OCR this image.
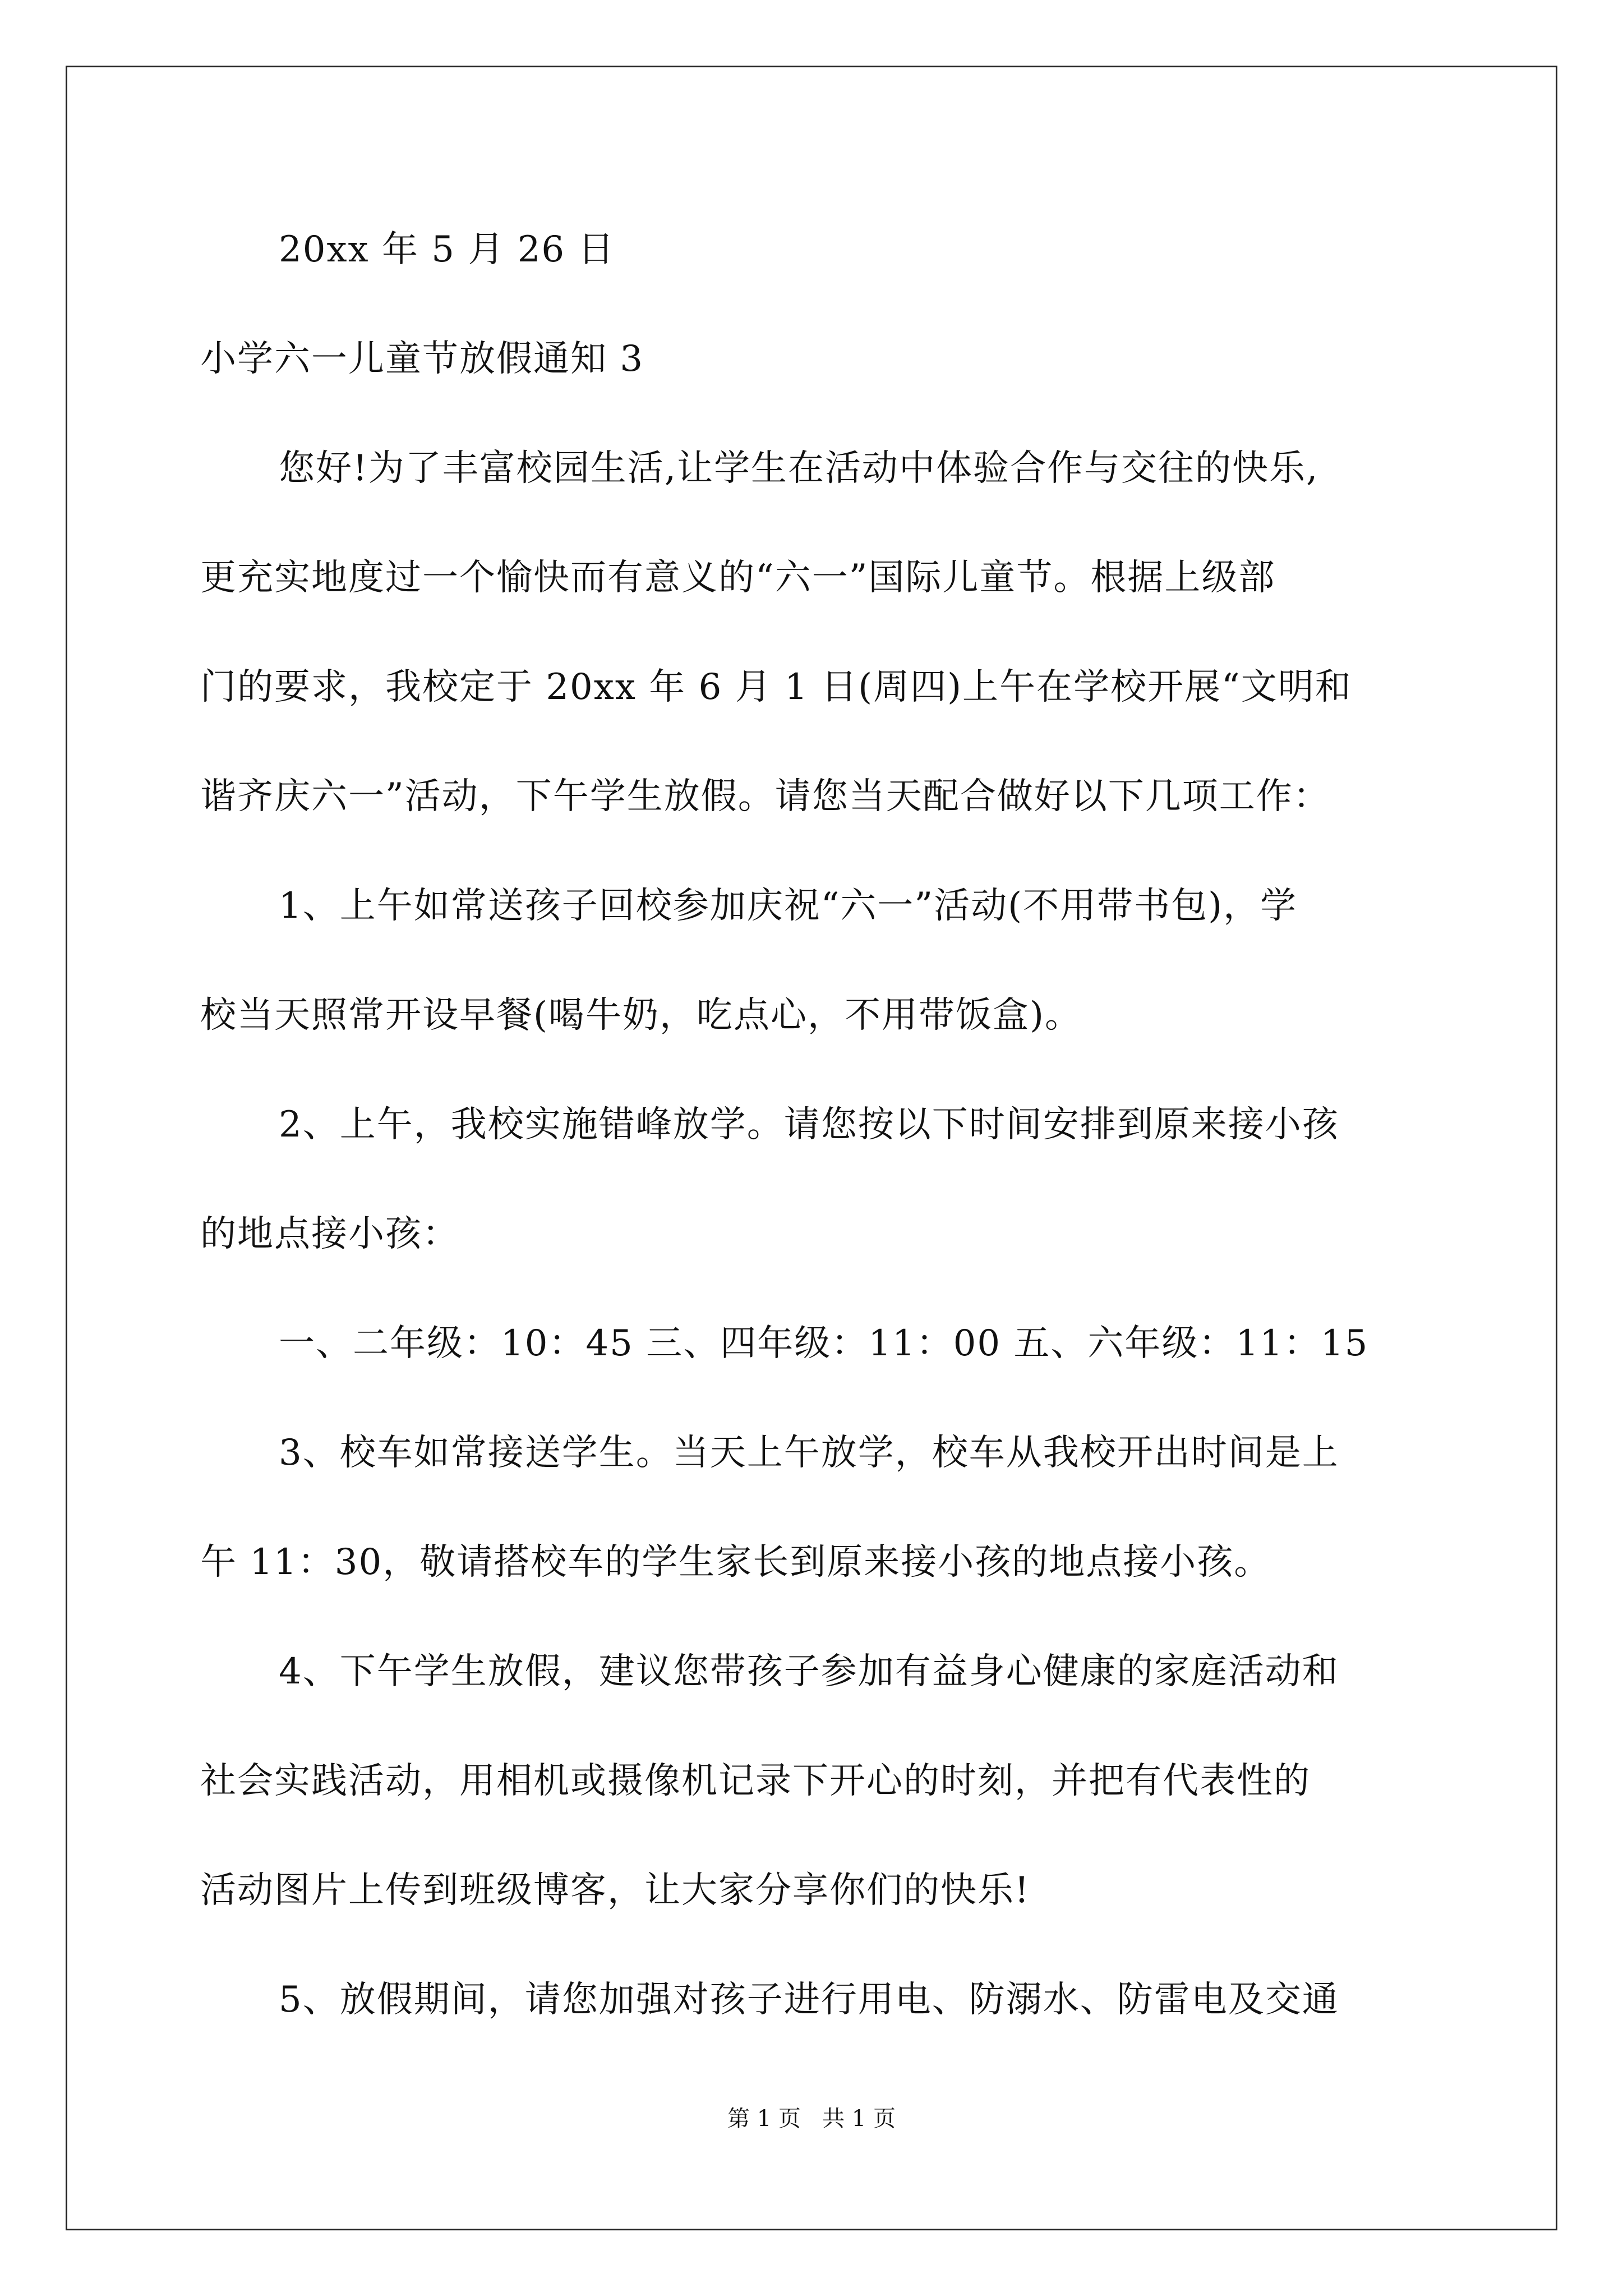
20xx 年 5 月 26 日
小学六一儿童节放假通知 3
您好!为了丰富校园生活,让学生在活动中体验合作与交往的快乐,
更充实地度过一个愉快而有意义的“六一”国际儿童节。根据上级部
门的要求，我校定于 20xx 年 6 月 1 日(周四)上午在学校开展“文明和
谐齐庆六一”活动，下午学生放假。请您当天配合做好以下几项工作：
1、上午如常送孩子回校参加庆祝“六一”活动(不用带书包)，学
校当天照常开设早餐(喝牛奶，吃点心，不用带饭盒)。
2、上午，我校实施错峰放学。请您按以下时间安排到原来接小孩
的地点接小孩：
一、二年级：10：45 三、四年级：11：00 五、六年级：11：15
3、校车如常接送学生。当天上午放学，校车从我校开出时间是上
午 11：30，敬请搭校车的学生家长到原来接小孩的地点接小孩。
4、下午学生放假，建议您带孩子参加有益身心健康的家庭活动和
社会实践活动，用相机或摄像机记录下开心的时刻，并把有代表性的
活动图片上传到班级博客，让大家分享你们的快乐!
5、放假期间，请您加强对孩子进行用电、防溺水、防雷电及交通
第 1 页   共 1 页
